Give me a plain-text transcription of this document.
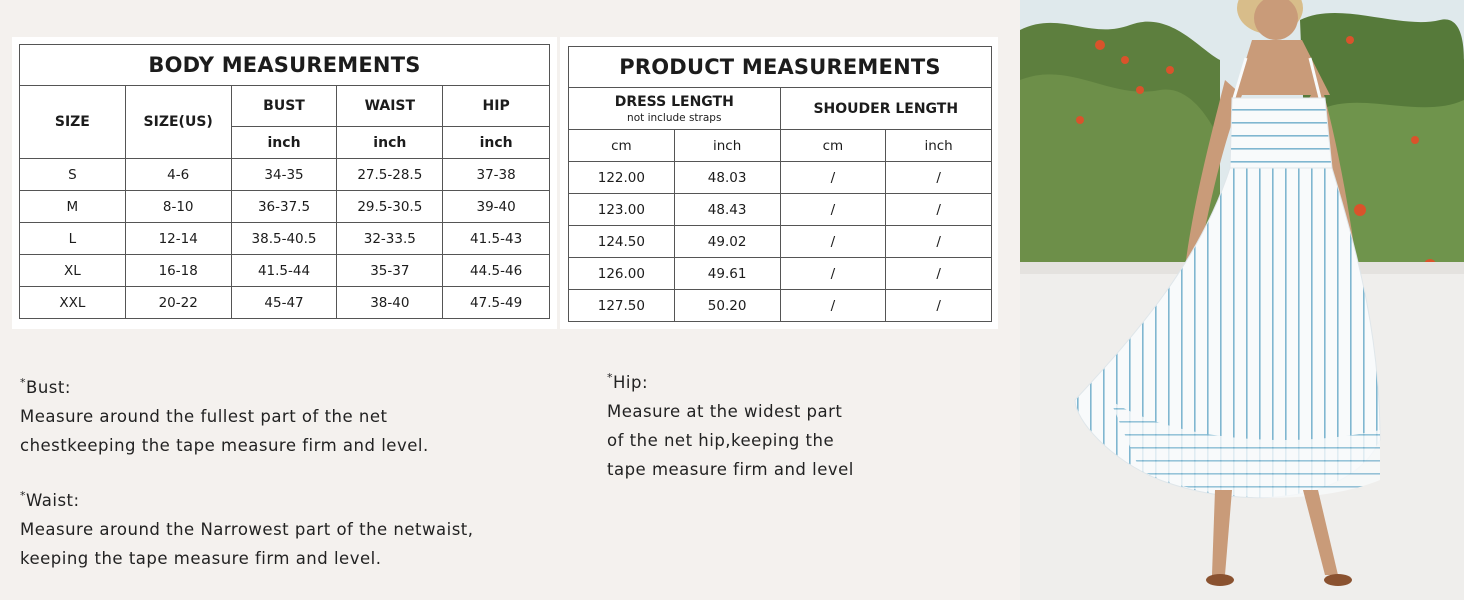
BODY MEASUREMENTS				
SIZE	SIZE(US)	BUST	WAIST	HIP
		inch	inch	inch
S	4-6	34-35	27.5-28.5	37-38
M	8-10	36-37.5	29.5-30.5	39-40
L	12-14	38.5-40.5	32-33.5	41.5-43
XL	16-18	41.5-44	35-37	44.5-46
XXL	20-22	45-47	38-40	47.5-49
PRODUCT MEASUREMENTS			
DRESS LENGTH
not include straps		SHOUDER LENGTH	
cm	inch	cm	inch
122.00	48.03	/	/
123.00	48.43	/	/
124.50	49.02	/	/
126.00	49.61	/	/
127.50	50.20	/	/
*Bust:
Measure around the fullest part of the net
chestkeeping the tape measure firm and level.
*Waist:
Measure around the Narrowest part of the netwaist,
keeping the tape measure firm and level.
*Hip:
Measure at the widest part
of the net hip,keeping the
tape measure firm and level
